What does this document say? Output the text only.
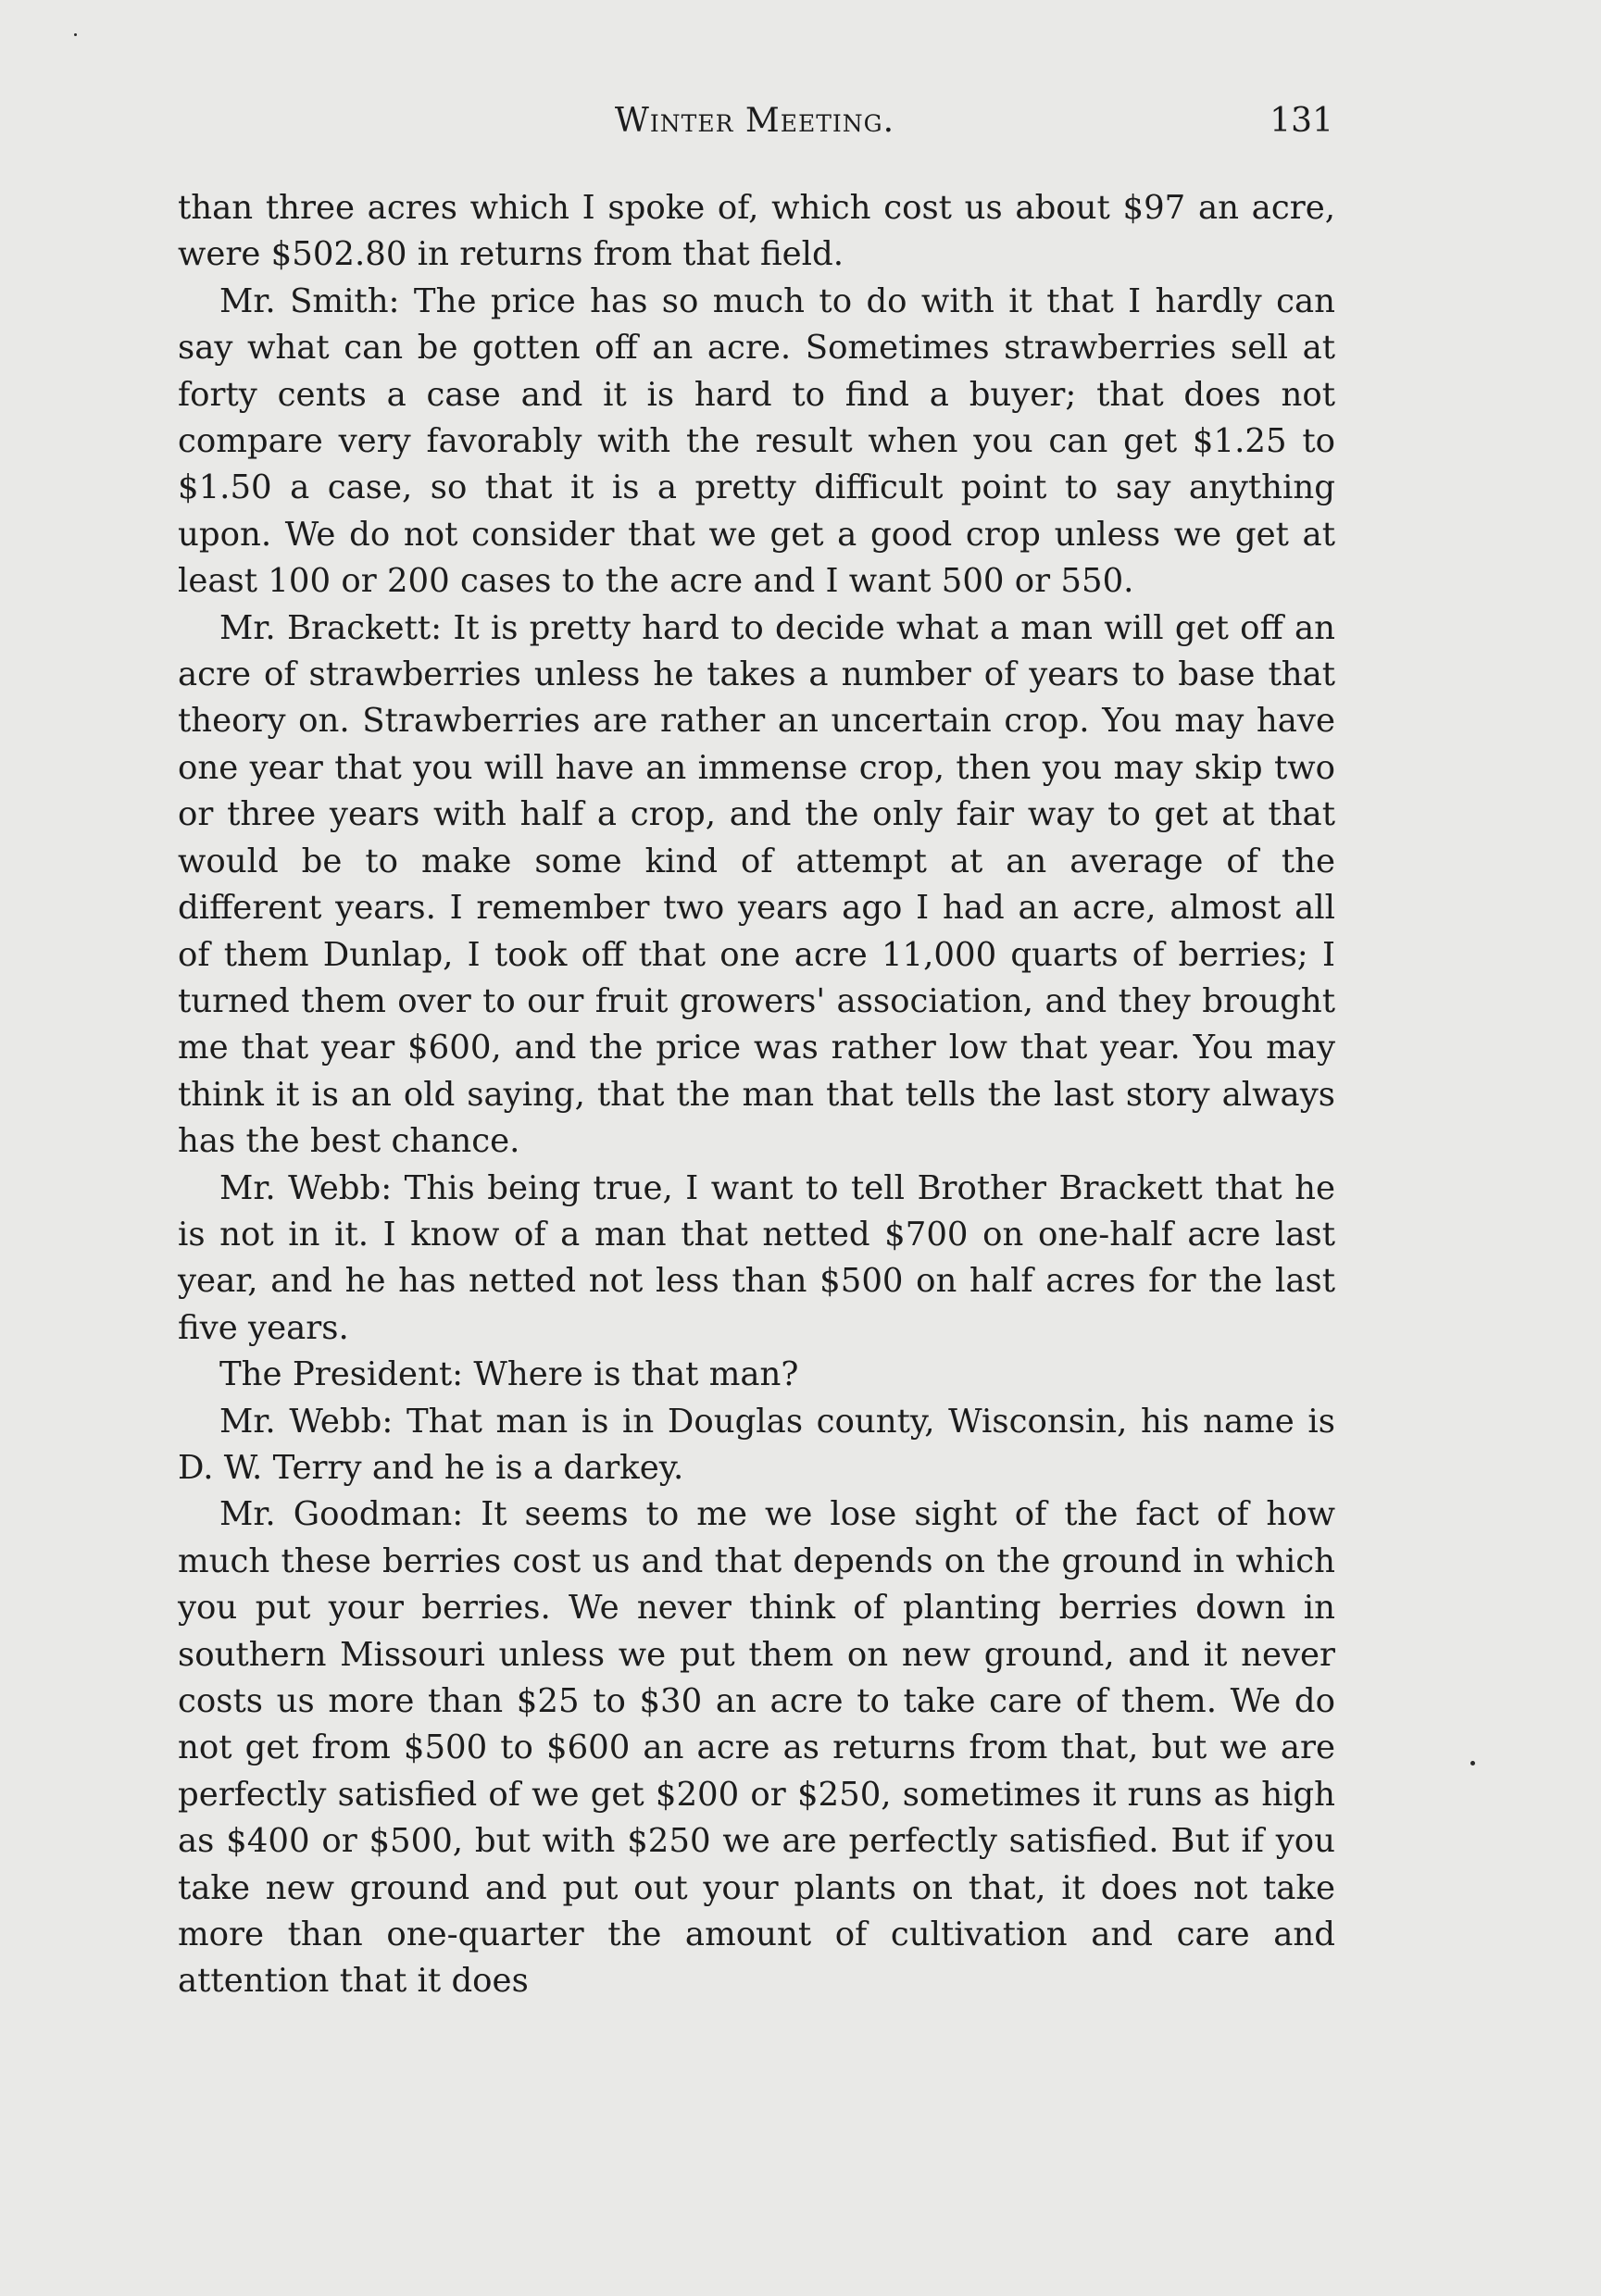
Winter Meeting.	131

than three acres which I spoke of, which cost us about $97 an acre, were $502.80 in returns from that field.

Mr. Smith: The price has so much to do with it that I hardly can say what can be gotten off an acre. Sometimes strawberries sell at forty cents a case and it is hard to find a buyer; that does not compare very favorably with the result when you can get $1.25 to $1.50 a case, so that it is a pretty difficult point to say anything upon. We do not consider that we get a good crop unless we get at least 100 or 200 cases to the acre and I want 500 or 550.

Mr. Brackett: It is pretty hard to decide what a man will get off an acre of strawberries unless he takes a number of years to base that theory on. Strawberries are rather an uncertain crop. You may have one year that you will have an immense crop, then you may skip two or three years with half a crop, and the only fair way to get at that would be to make some kind of attempt at an average of the different years. I remember two years ago I had an acre, almost all of them Dunlap, I took off that one acre 11,000 quarts of berries; I turned them over to our fruit growers' association, and they brought me that year $600, and the price was rather low that year. You may think it is an old saying, that the man that tells the last story always has the best chance.

Mr. Webb: This being true, I want to tell Brother Brackett that he is not in it. I know of a man that netted $700 on one-half acre last year, and he has netted not less than $500 on half acres for the last five years.

The President: Where is that man?

Mr. Webb: That man is in Douglas county, Wisconsin, his name is D. W. Terry and he is a darkey.

Mr. Goodman: It seems to me we lose sight of the fact of how much these berries cost us and that depends on the ground in which you put your berries. We never think of planting berries down in southern Missouri unless we put them on new ground, and it never costs us more than $25 to $30 an acre to take care of them. We do not get from $500 to $600 an acre as returns from that, but we are perfectly satisfied of we get $200 or $250, sometimes it runs as high as $400 or $500, but with $250 we are perfectly satisfied. But if you take new ground and put out your plants on that, it does not take more than one-quarter the amount of cultivation and care and attention that it does
